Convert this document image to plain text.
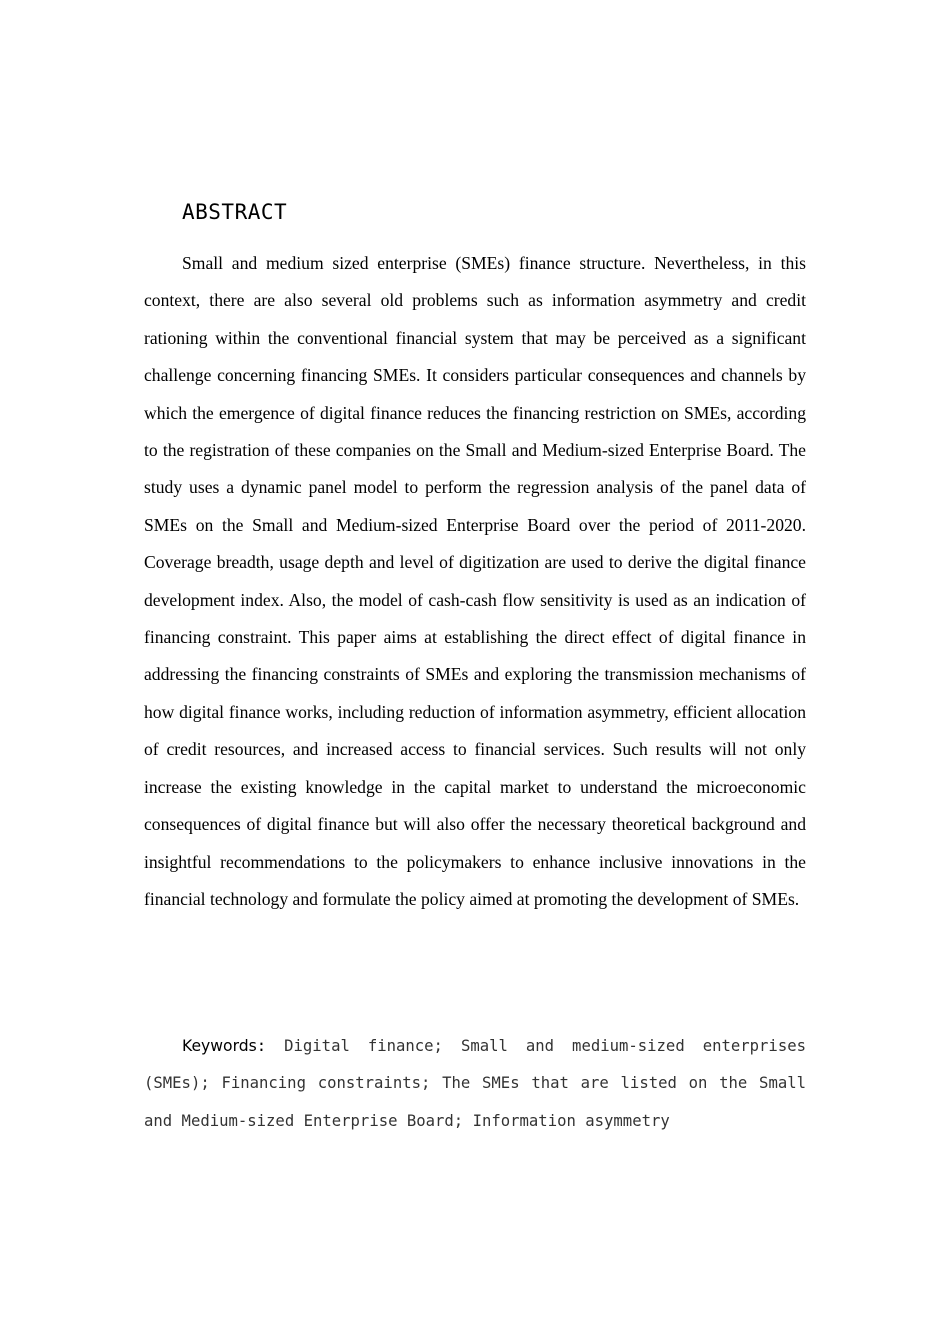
ABSTRACT

Small and medium sized enterprise (SMEs) finance structure. Nevertheless, in this context, there are also several old problems such as information asymmetry and credit rationing within the conventional financial system that may be perceived as a significant challenge concerning financing SMEs. It considers particular consequences and channels by which the emergence of digital finance reduces the financing restriction on SMEs, according to the registration of these companies on the Small and Medium-sized Enterprise Board. The study uses a dynamic panel model to perform the regression analysis of the panel data of SMEs on the Small and Medium-sized Enterprise Board over the period of 2011-2020. Coverage breadth, usage depth and level of digitization are used to derive the digital finance development index. Also, the model of cash-cash flow sensitivity is used as an indication of financing constraint. This paper aims at establishing the direct effect of digital finance in addressing the financing constraints of SMEs and exploring the transmission mechanisms of how digital finance works, including reduction of information asymmetry, efficient allocation of credit resources, and increased access to financial services. Such results will not only increase the existing knowledge in the capital market to understand the microeconomic consequences of digital finance but will also offer the necessary theoretical background and insightful recommendations to the policymakers to enhance inclusive innovations in the financial technology and formulate the policy aimed at promoting the development of SMEs.

Keywords: Digital finance; Small and medium-sized enterprises (SMEs); Financing constraints; The SMEs that are listed on the Small and Medium-sized Enterprise Board; Information asymmetry
